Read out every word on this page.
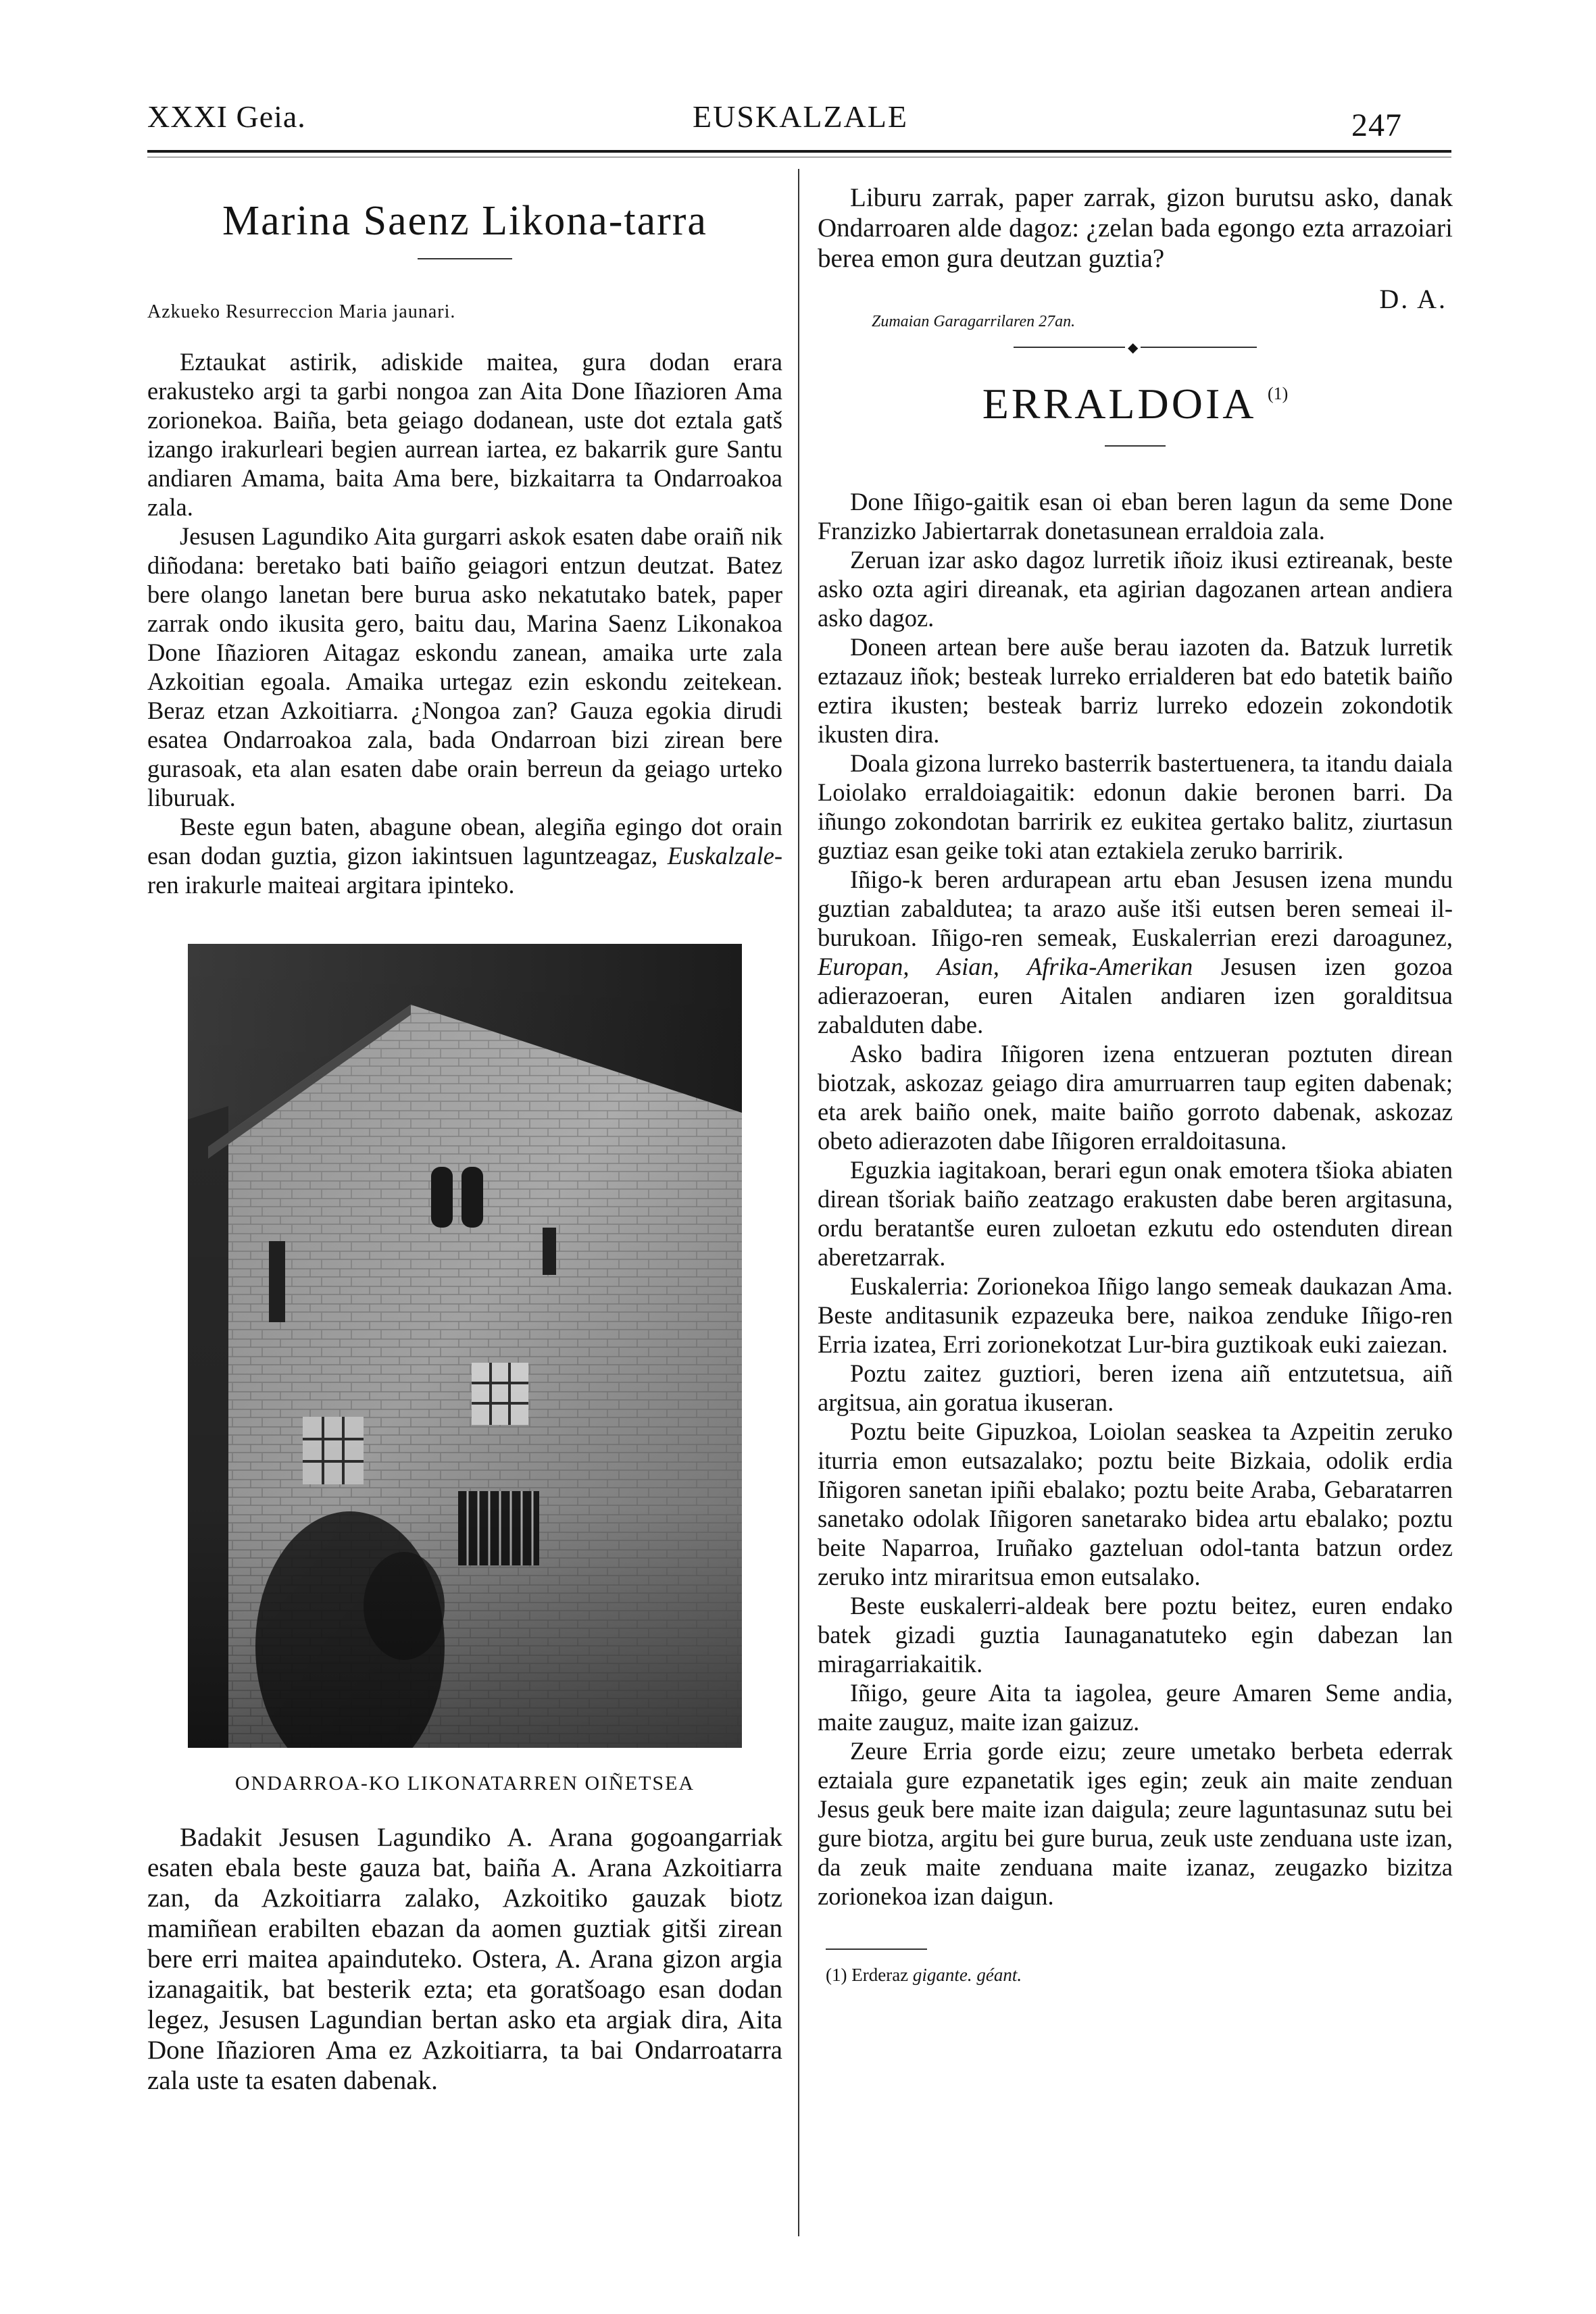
XXXI Geia.	EUSKALZALE	247
Marina Saenz Likona-tarra
Azkueko Resurreccion Maria jaunari.

Eztaukat astirik, adiskide maitea, gura dodan erara erakusteko argi ta garbi nongoa zan Aita Done Iñazioren Ama zorionekoa. Baiña, beta geiago dodanean, uste dot eztala gatš izango irakurleari begien aurrean iartea, ez bakarrik gure Santu andiaren Amama, baita Ama bere, bizkaitarra ta Ondarroakoa zala.

Jesusen Lagundiko Aita gurgarri askok esaten dabe oraiñ nik diñodana: beretako bati baiño geiagori entzun deutzat. Batez bere olango lanetan bere burua asko nekatutako batek, paper zarrak ondo ikusita gero, baitu dau, Marina Saenz Likonakoa Done Iñazioren Aitagaz eskondu zanean, amaika urte zala Azkoitian egoala. Amaika urtegaz ezin eskondu zeitekean. Beraz etzan Azkoitiarra. ¿Nongoa zan? Gauza egokia dirudi esatea Ondarroakoa zala, bada Ondarroan bizi zirean bere gurasoak, eta alan esaten dabe orain berreun da geiago urteko liburuak.

Beste egun baten, abagune obean, alegiña egingo dot orain esan dodan guztia, gizon iakintsuen laguntzeagaz, Euskalzale-ren irakurle maiteai argitara ipinteko.

ONDARROA-KO LIKONATARREN OIÑETSEA

Badakit Jesusen Lagundiko A. Arana gogoangarriak esaten ebala beste gauza bat, baiña A. Arana Azkoitiarra zan, da Azkoitiarra zalako, Azkoitiko gauzak biotz mamiñean erabilten ebazan da aomen guztiak gitši zirean bere erri maitea apainduteko. Ostera, A. Arana gizon argia izanagaitik, bat besterik ezta; eta goratšoago esan dodan legez, Jesusen Lagundian bertan asko eta argiak dira, Aita Done Iñazioren Ama ez Azkoitiarra, ta bai Ondarroatarra zala uste ta esaten dabenak.

Liburu zarrak, paper zarrak, gizon burutsu asko, danak Ondarroaren alde dagoz: ¿zelan bada egongo ezta arrazoiari berea emon gura deutzan guztia?

D. A.
Zumaian Garagarrilaren 27an.
◆
ERRALDOIA $^{(1)}$

Done Iñigo-gaitik esan oi eban beren lagun da seme Done Franzizko Jabiertarrak donetasunean erraldoia zala.

Zeruan izar asko dagoz lurretik iñoiz ikusi eztireanak, beste asko ozta agiri direanak, eta agirian dagozanen artean andiera asko dagoz.

Doneen artean bere auše berau iazoten da. Batzuk lurretik eztazauz iñok; besteak lurreko errialderen bat edo batetik baiño eztira ikusten; besteak barriz lurreko edozein zokondotik ikusten dira.

Doala gizona lurreko basterrik bastertuenera, ta itandu daiala Loiolako erraldoiagaitik: edonun dakie beronen barri. Da iñungo zokondotan barririk ez eukitea gertako balitz, ziurtasun guztiaz esan geike toki atan eztakiela zeruko barririk.

Iñigo-k beren ardurapean artu eban Jesusen izena mundu guztian zabaldutea; ta arazo auše itši eutsen beren semeai il-burukoan. Iñigo-ren semeak, Euskalerrian erezi daroagunez, Europan, Asian, Afrika-Amerikan Jesusen izen gozoa adierazoeran, euren Aitalen andiaren izen goralditsua zabalduten dabe.

Asko badira Iñigoren izena entzueran poztuten direan biotzak, askozaz geiago dira amurruarren taup egiten dabenak; eta arek baiño onek, maite baiño gorroto dabenak, askozaz obeto adierazoten dabe Iñigoren erraldoitasuna.

Eguzkia iagitakoan, berari egun onak emotera tšioka abiaten direan tšoriak baiño zeatzago erakusten dabe beren argitasuna, ordu beratantše euren zuloetan ezkutu edo ostenduten direan aberetzarrak.

Euskalerria: Zorionekoa Iñigo lango semeak daukazan Ama. Beste anditasunik ezpazeuka bere, naikoa zenduke Iñigo-ren Erria izatea, Erri zorionekotzat Lur-bira guztikoak euki zaiezan.

Poztu zaitez guztiori, beren izena aiñ entzutetsua, aiñ argitsua, ain goratua ikuseran.

Poztu beite Gipuzkoa, Loiolan seaskea ta Azpeitin zeruko iturria emon eutsazalako; poztu beite Bizkaia, odolik erdia Iñigoren sanetan ipiñi ebalako; poztu beite Araba, Gebaratarren sanetako odolak Iñigoren sanetarako bidea artu ebalako; poztu beite Naparroa, Iruñako gazteluan odol-tanta batzun ordez zeruko intz miraritsua emon eutsalako.

Beste euskalerri-aldeak bere poztu beitez, euren endako batek gizadi guztia Iaunaganatuteko egin dabezan lan miragarriakaitik.

Iñigo, geure Aita ta iagolea, geure Amaren Seme andia, maite zauguz, maite izan gaizuz.

Zeure Erria gorde eizu; zeure umetako berbeta ederrak eztaiala gure ezpanetatik iges egin; zeuk ain maite zenduan Jesus geuk bere maite izan daigula; zeure laguntasunaz sutu bei gure biotza, argitu bei gure burua, zeuk uste zenduana uste izan, da zeuk maite zenduana maite izanaz, zeugazko bizitza zorionekoa izan daigun.

(1) Erderaz gigante. géant.
